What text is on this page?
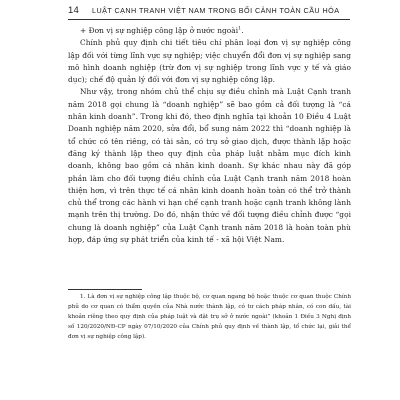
14 LUẬT CẠNH TRANH VIỆT NAM TRONG BỐI CẢNH TOÀN CẦU HÓA

+ Đơn vị sự nghiệp công lập ở nước ngoài$^1$.

Chính phủ quy định chi tiết tiêu chí phân loại đơn vị sự nghiệp công lập đối với từng lĩnh vực sự nghiệp; việc chuyển đổi đơn vị sự nghiệp sang mô hình doanh nghiệp (trừ đơn vị sự nghiệp trong lĩnh vực y tế và giáo dục); chế độ quản lý đối với đơn vị sự nghiệp công lập.

Như vậy, trong nhóm chủ thể chịu sự điều chỉnh mà Luật Cạnh tranh năm 2018 gọi chung là “doanh nghiệp” sẽ bao gồm cả đối tượng là “cá nhân kinh doanh”. Trong khi đó, theo định nghĩa tại khoản 10 Điều 4 Luật Doanh nghiệp năm 2020, sửa đổi, bổ sung năm 2022 thì “doanh nghiệp là tổ chức có tên riêng, có tài sản, có trụ sở giao dịch, được thành lập hoặc đăng ký thành lập theo quy định của pháp luật nhằm mục đích kinh doanh, không bao gồm cá nhân kinh doanh. Sự khác nhau này đã góp phần làm cho đối tượng điều chỉnh của Luật Cạnh tranh năm 2018 hoàn thiện hơn, vì trên thực tế cá nhân kinh doanh hoàn toàn có thể trở thành chủ thể trong các hành vi hạn chế cạnh tranh hoặc cạnh tranh không lành mạnh trên thị trường. Do đó, nhận thức về đối tượng điều chỉnh được “gọi chung là doanh nghiệp” của Luật Cạnh tranh năm 2018 là hoàn toàn phù hợp, đáp ứng sự phát triển của kinh tế - xã hội Việt Nam.

1. Là đơn vị sự nghiệp công lập thuộc bộ, cơ quan ngang bộ hoặc thuộc cơ quan thuộc Chính phủ do cơ quan có thẩm quyền của Nhà nước thành lập, có tư cách pháp nhân, có con dấu, tài khoản riêng theo quy định của pháp luật và đặt trụ sở ở nước ngoài” (khoản 1 Điều 3 Nghị định số 120/2020/NĐ-CP ngày 07/10/2020 của Chính phủ quy định về thành lập, tổ chức lại, giải thể đơn vị sự nghiệp công lập).
